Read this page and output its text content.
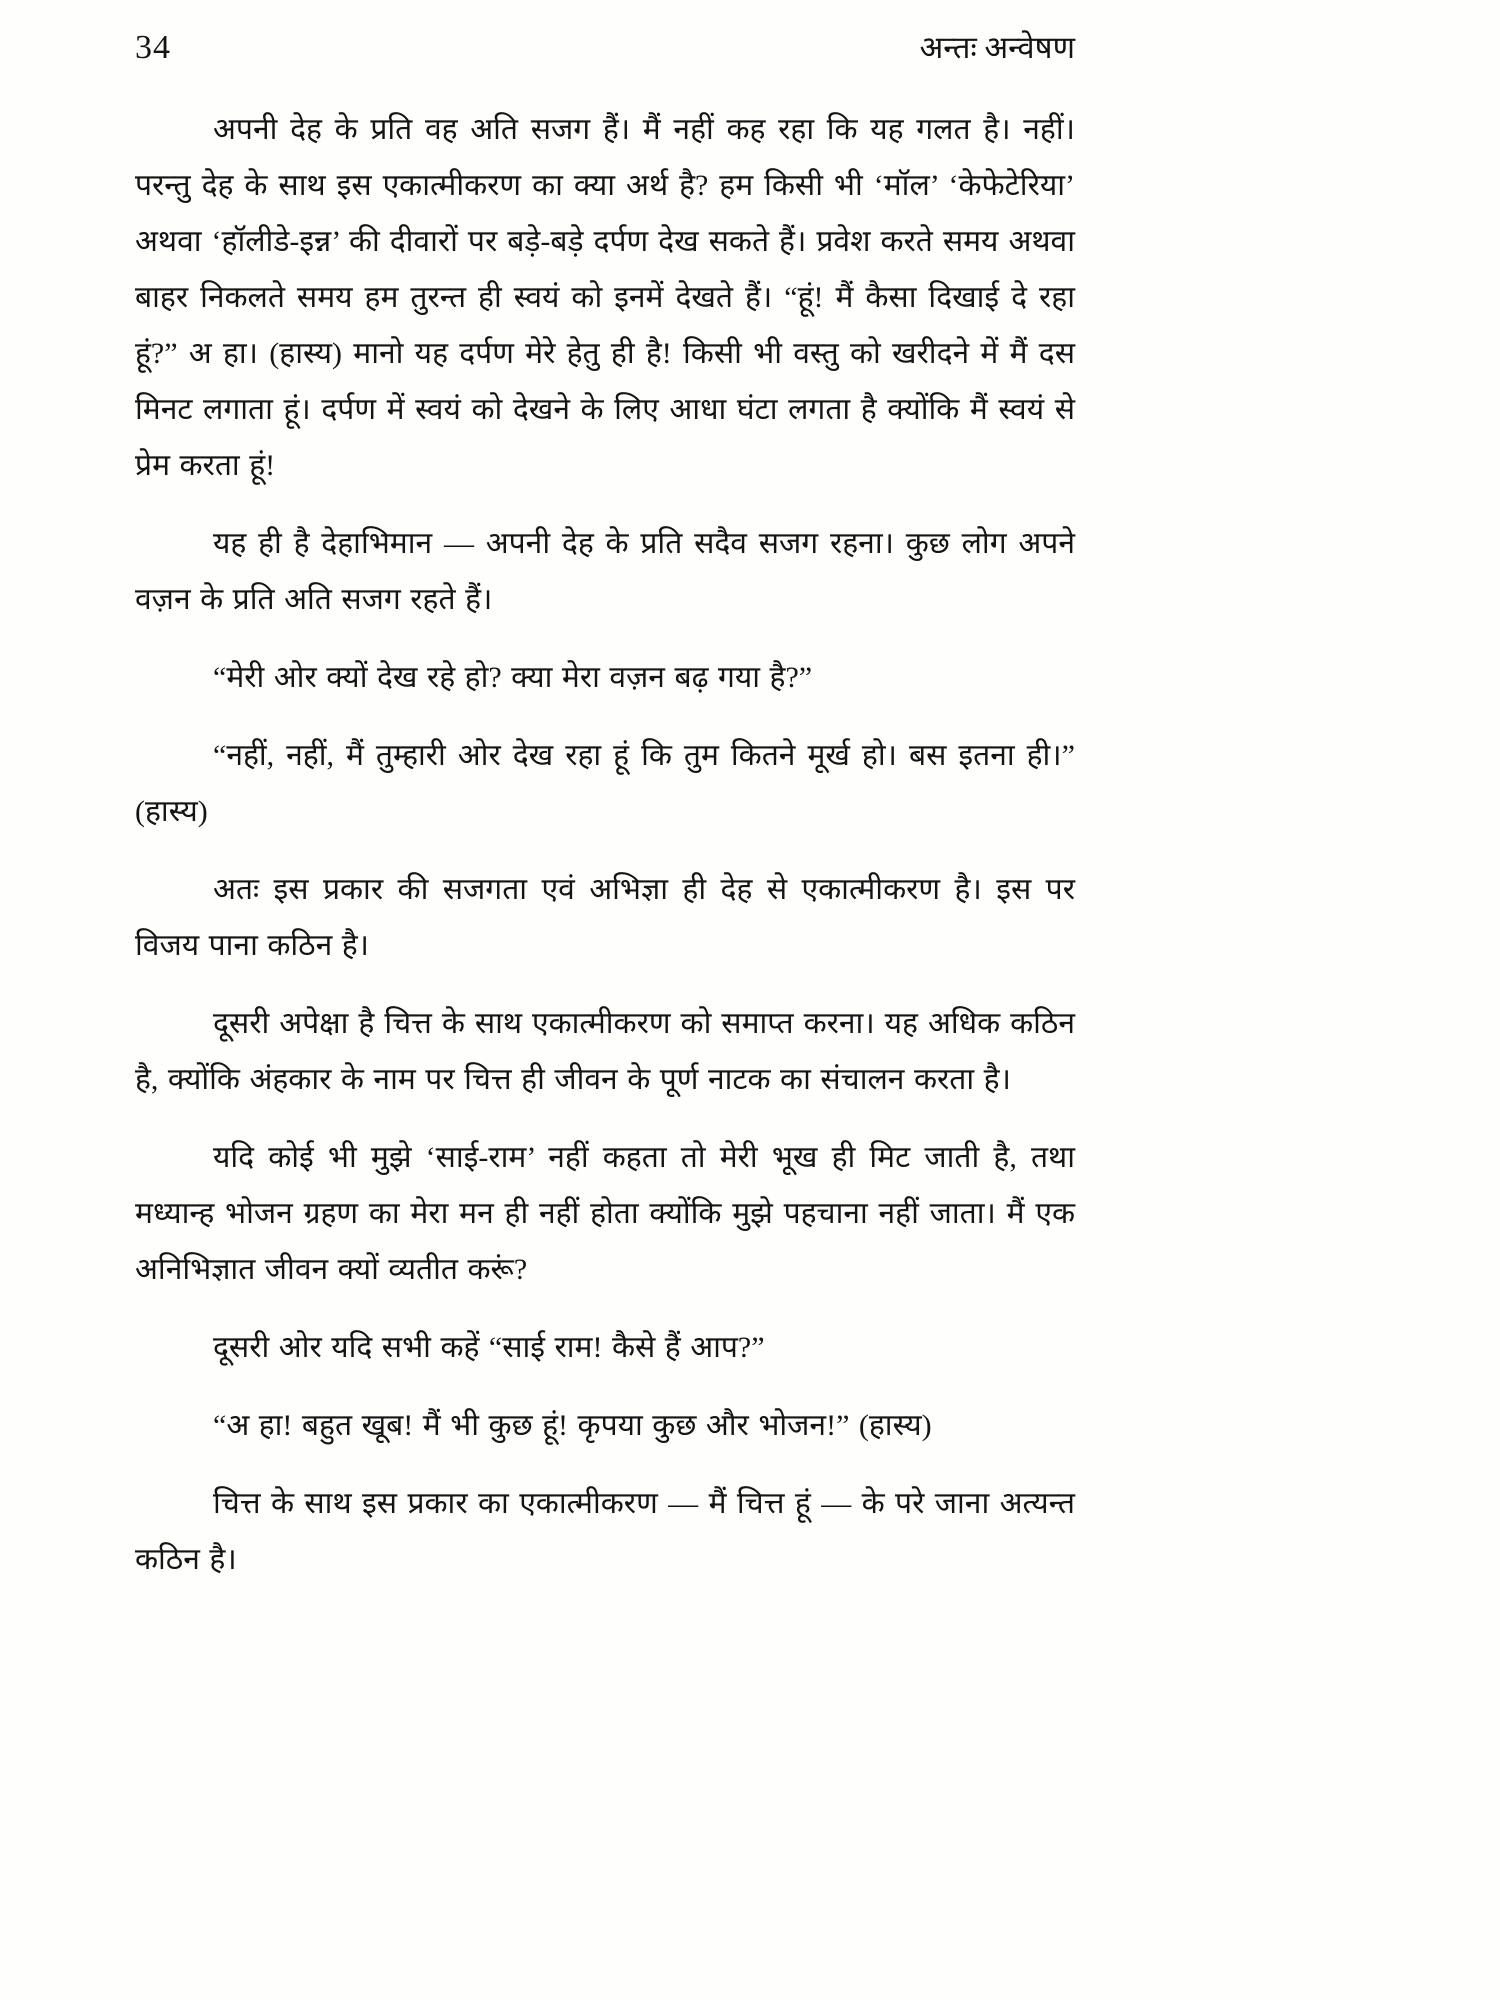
34	अन्तः अन्वेषण

अपनी देह के प्रति वह अति सजग हैं। मैं नहीं कह रहा कि यह गलत है। नहीं। परन्तु देह के साथ इस एकात्मीकरण का क्या अर्थ है? हम किसी भी ‘मॉल’ ‘केफेटेरिया’ अथवा ‘हॉलीडे-इन्न’ की दीवारों पर बड़े-बड़े दर्पण देख सकते हैं। प्रवेश करते समय अथवा बाहर निकलते समय हम तुरन्त ही स्वयं को इनमें देखते हैं। “हूं! मैं कैसा दिखाई दे रहा हूं?” अ हा। (हास्य) मानो यह दर्पण मेरे हेतु ही है! किसी भी वस्तु को खरीदने में मैं दस मिनट लगाता हूं। दर्पण में स्वयं को देखने के लिए आधा घंटा लगता है क्योंकि मैं स्वयं से प्रेम करता हूं!

यह ही है देहाभिमान — अपनी देह के प्रति सदैव सजग रहना। कुछ लोग अपने वज़न के प्रति अति सजग रहते हैं।

“मेरी ओर क्यों देख रहे हो? क्या मेरा वज़न बढ़ गया है?”

“नहीं, नहीं, मैं तुम्हारी ओर देख रहा हूं कि तुम कितने मूर्ख हो। बस इतना ही।” (हास्य)

अतः इस प्रकार की सजगता एवं अभिज्ञा ही देह से एकात्मीकरण है। इस पर विजय पाना कठिन है।

दूसरी अपेक्षा है चित्त के साथ एकात्मीकरण को समाप्त करना। यह अधिक कठिन है, क्योंकि अंहकार के नाम पर चित्त ही जीवन के पूर्ण नाटक का संचालन करता है।

यदि कोई भी मुझे ‘साई-राम’ नहीं कहता तो मेरी भूख ही मिट जाती है, तथा मध्यान्ह भोजन ग्रहण का मेरा मन ही नहीं होता क्योंकि मुझे पहचाना नहीं जाता। मैं एक अनिभिज्ञात जीवन क्यों व्यतीत करूं?

दूसरी ओर यदि सभी कहें “साई राम! कैसे हैं आप?”

“अ हा! बहुत खूब! मैं भी कुछ हूं! कृपया कुछ और भोजन!” (हास्य)

चित्त के साथ इस प्रकार का एकात्मीकरण — मैं चित्त हूं — के परे जाना अत्यन्त कठिन है।
